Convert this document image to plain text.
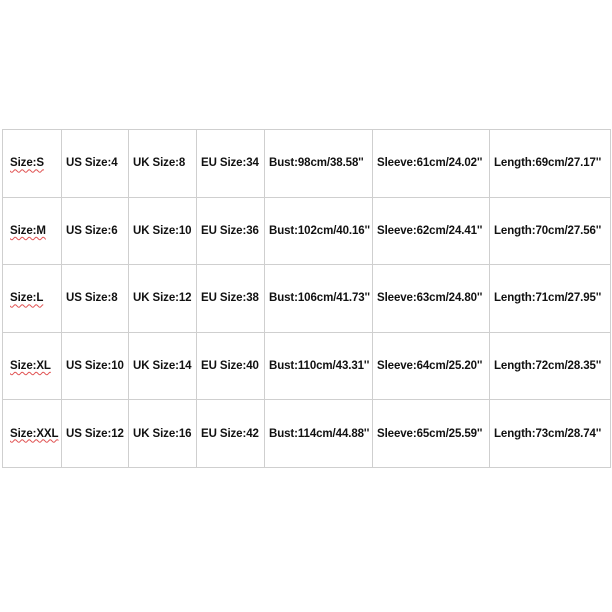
Size:S	US Size:4	UK Size:8	EU Size:34	Bust:98cm/38.58''	Sleeve:61cm/24.02''	Length:69cm/27.17''
Size:M	US Size:6	UK Size:10	EU Size:36	Bust:102cm/40.16''	Sleeve:62cm/24.41''	Length:70cm/27.56''
Size:L	US Size:8	UK Size:12	EU Size:38	Bust:106cm/41.73''	Sleeve:63cm/24.80''	Length:71cm/27.95''
Size:XL	US Size:10	UK Size:14	EU Size:40	Bust:110cm/43.31''	Sleeve:64cm/25.20''	Length:72cm/28.35''
Size:XXL	US Size:12	UK Size:16	EU Size:42	Bust:114cm/44.88''	Sleeve:65cm/25.59''	Length:73cm/28.74''
